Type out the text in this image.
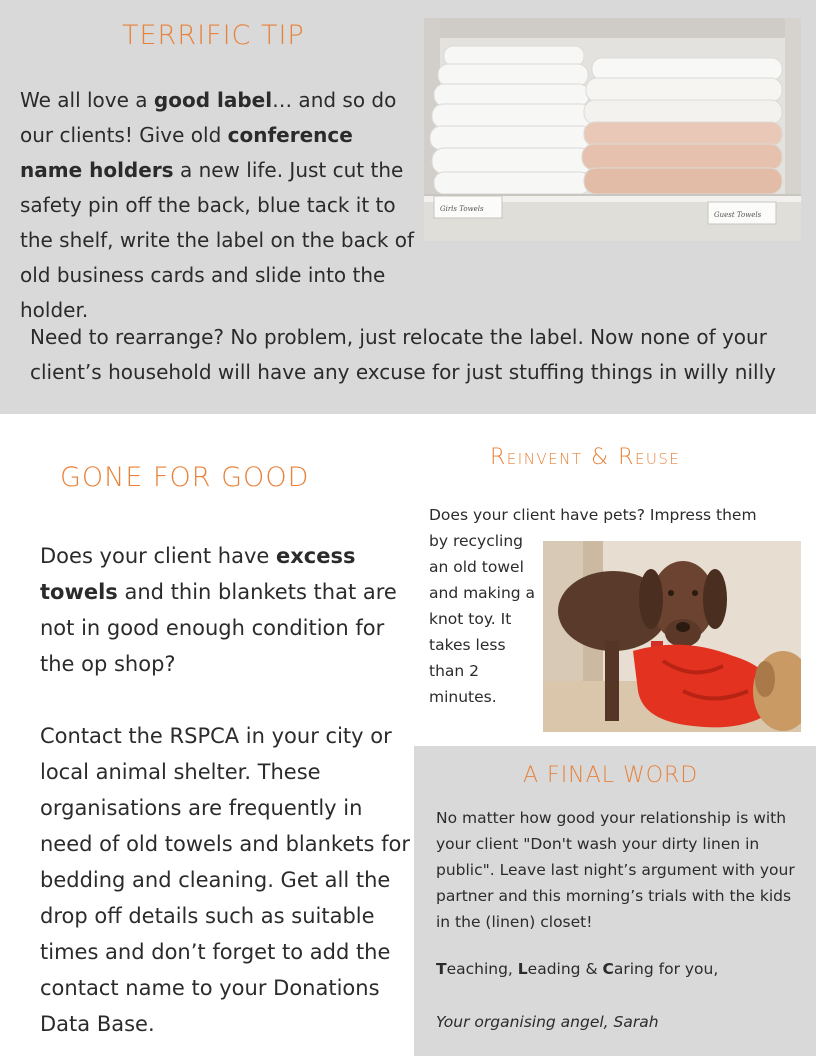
TERRIFIC TIP

We all love a good label… and so do our clients! Give old conference name holders a new life. Just cut the safety pin off the back, blue tack it to the shelf, write the label on the back of old business cards and slide into the holder.

Girls Towels
Guest Towels

Need to rearrange? No problem, just relocate the label. Now none of your client’s household will have any excuse for just stuffing things in willy nilly

GONE FOR GOOD

Does your client have excess towels and thin blankets that are not in good enough condition for the op shop?

Contact the RSPCA in your city or local animal shelter. These organisations are frequently in need of old towels and blankets for bedding and cleaning. Get all the drop off details such as suitable times and don’t forget to add the contact name to your Donations Data Base.

Reinvent & Reuse

Does your client have pets? Impress them

by recycling an old towel and making a knot toy. It takes less than 2 minutes.

A FINAL WORD

No matter how good your relationship is with your client "Don't wash your dirty linen in public". Leave last night’s argument with your partner and this morning’s trials with the kids in the (linen) closet!

Teaching, Leading & Caring for you,

Your organising angel, Sarah
